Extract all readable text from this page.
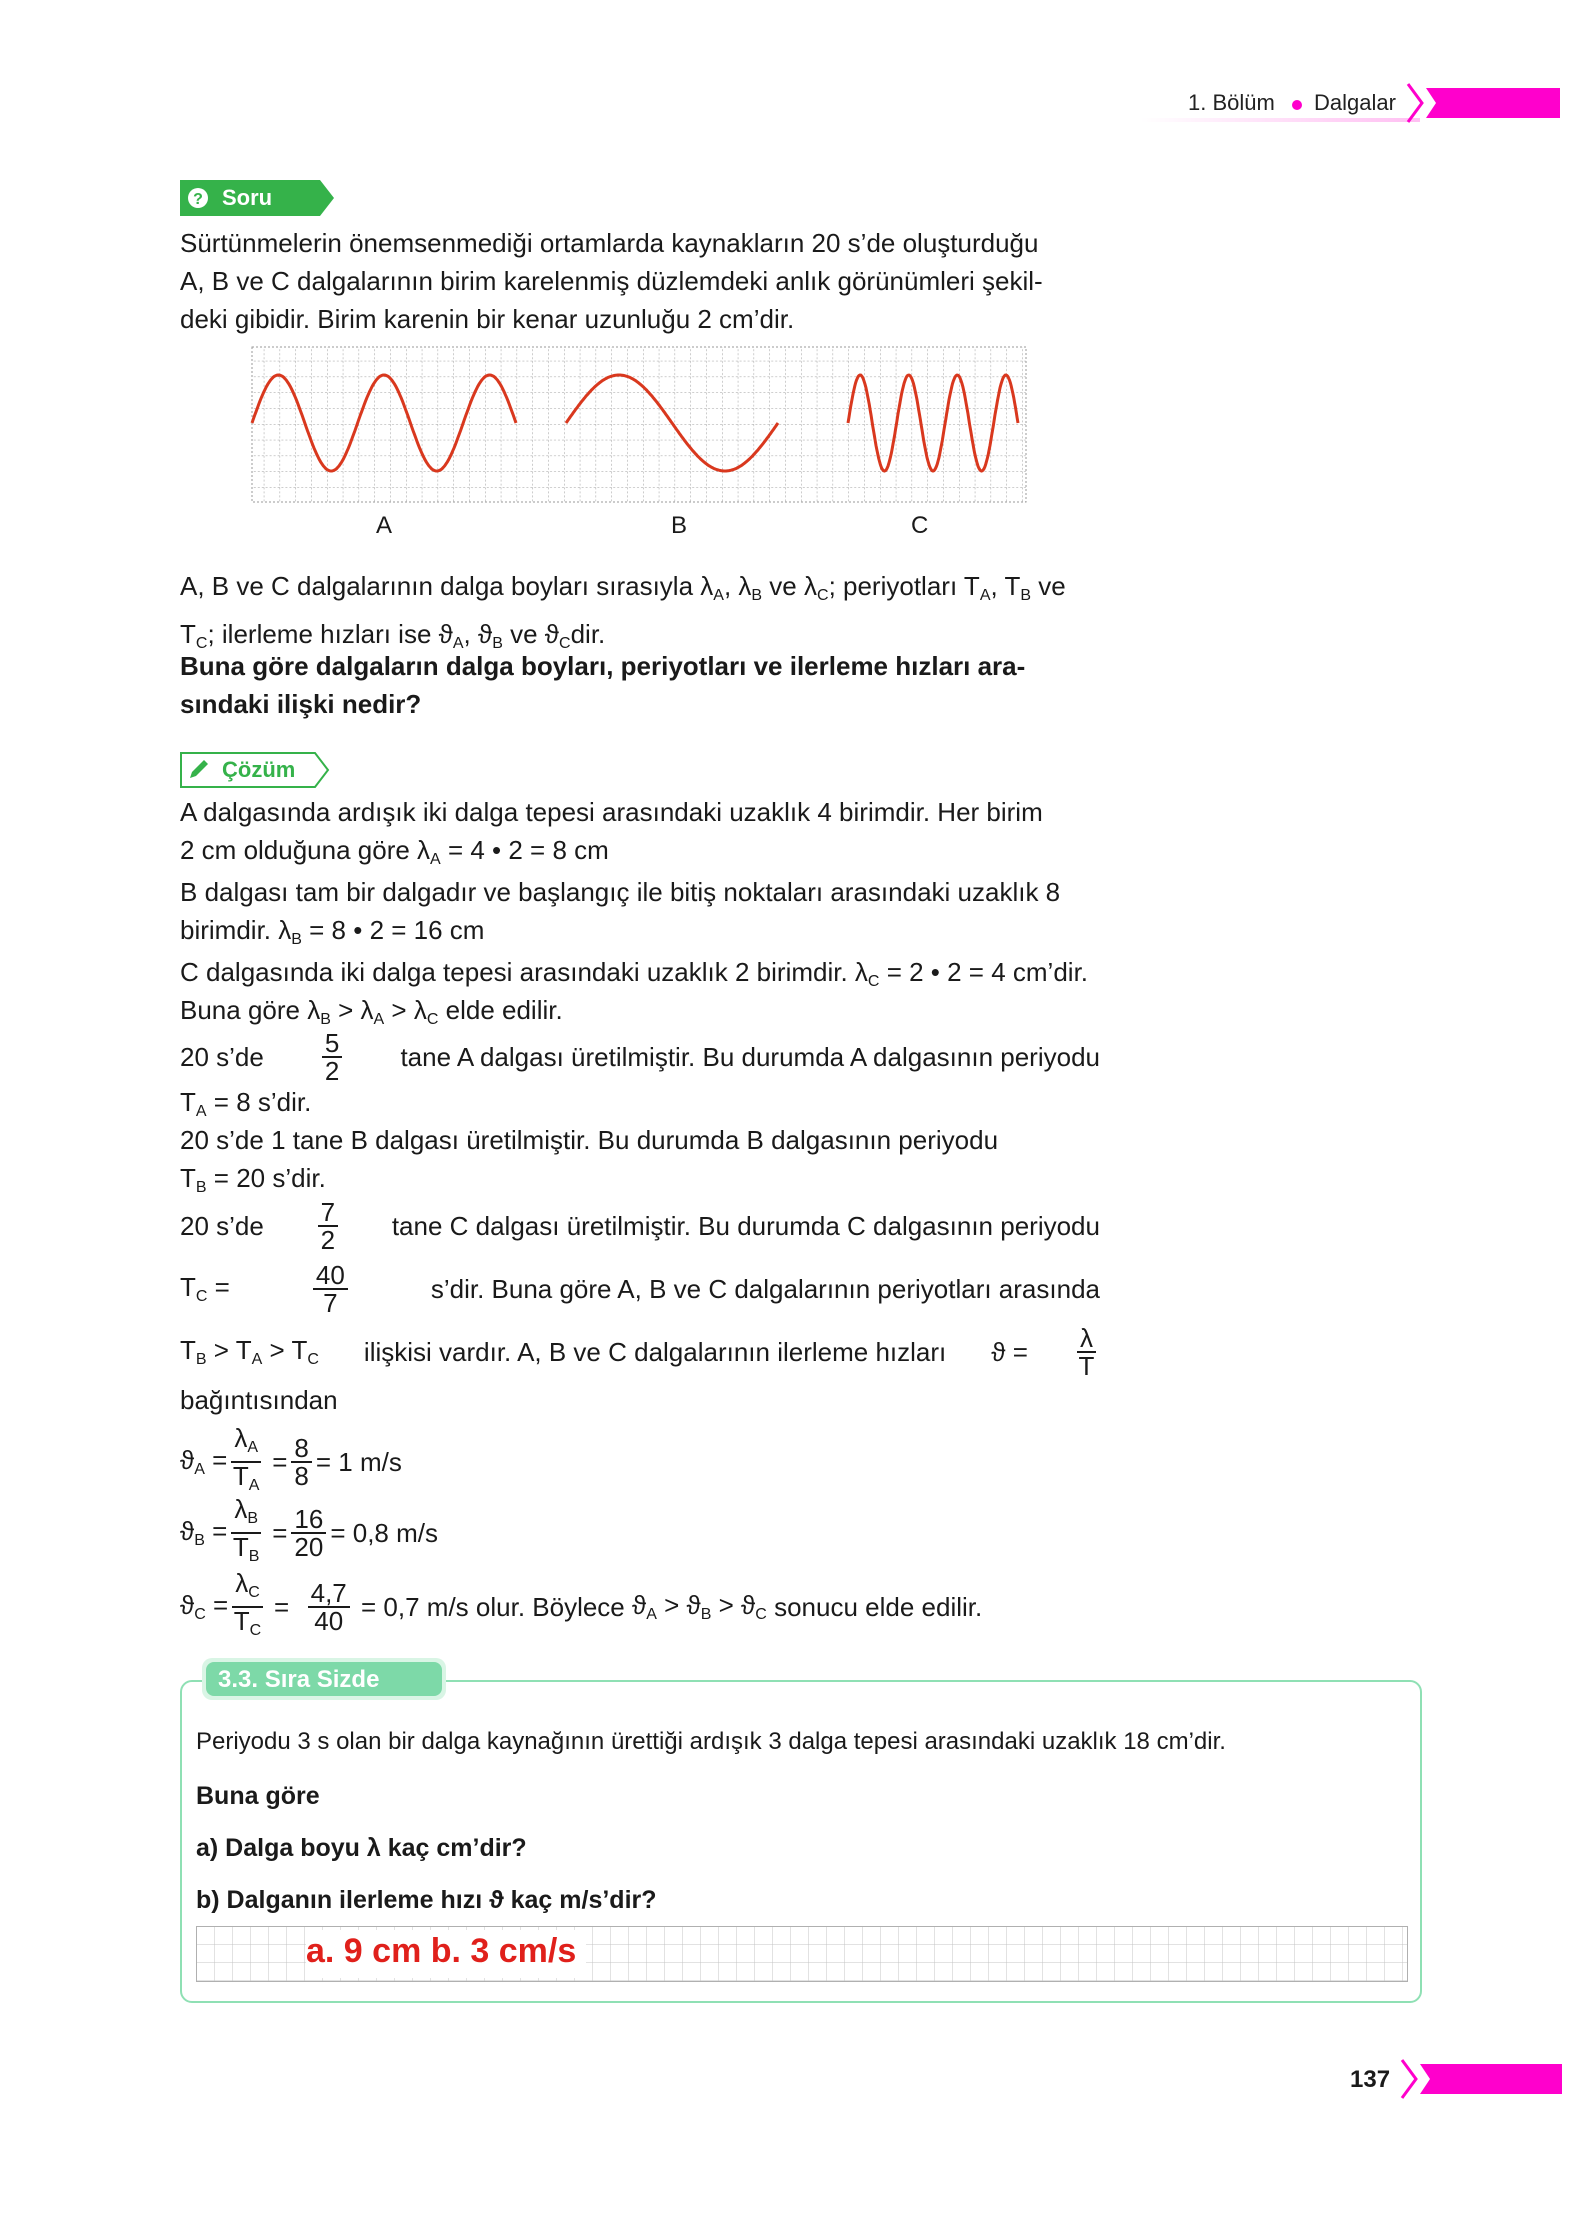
1. Bölüm Dalgalar
? Soru
Sürtünmelerin önemsenmediği ortamlarda kaynakların 20 s’de oluşturduğu
A, B ve C dalgalarının birim karelenmiş düzlemdeki anlık görünümleri şekil-
deki gibidir. Birim karenin bir kenar uzunluğu 2 cm’dir.
A	B	C
A, B ve C dalgalarının dalga boyları sırasıyla $\lambda_A$, $\lambda_B$ ve $\lambda_C$; periyotları $T_A$, $T_B$ ve
$T_C$; ilerleme hızları ise $ϑ_A$, $ϑ_B$ ve $ϑ_Cdir$.
Buna göre dalgaların dalga boyları, periyotları ve ilerleme hızları ara-
sındaki ilişki nedir?
Çözüm
A dalgasında ardışık iki dalga tepesi arasındaki uzaklık 4 birimdir. Her birim
2 cm olduğuna göre $\lambda_A = 4$ • 2 = 8 cm
B dalgası tam bir dalgadır ve başlangıç ile bitiş noktaları arasındaki uzaklık 8
birimdir. $\lambda_B = 8$ • 2 = 16 cm
C dalgasında iki dalga tepesi arasındaki uzaklık 2 birimdir. $\lambda_C = 2$ • 2 = 4 cm’dir.
Buna göre $\lambda_B > \lambda_A > \lambda_C$ elde edilir.
20 s’de $\frac{5}{2}$ tane A dalgası üretilmiştir. Bu durumda A dalgasının periyodu
$T_A = 8$ s’dir.
20 s’de 1 tane B dalgası üretilmiştir. Bu durumda B dalgasının periyodu
$T_B = 20$ s’dir.
20 s’de $\frac{7}{2}$ tane C dalgası üretilmiştir. Bu durumda C dalgasının periyodu
$T_C$ =	$\frac{40}{7}$	s’dir. Buna göre A, B ve C dalgalarının periyotları arasında
$T_B > T_A > T_C$ ilişkisi vardır. A, B ve C dalgalarının ilerleme hızları $ϑ = \frac{\lambda}{T}$
bağıntısından
$ϑ_A = \frac{\lambda_A}{T_A} = \frac{8}{8} = 1$ m/s
$ϑ_B = \frac{\lambda_B}{T_B} = \frac{16}{20} = 0,8$ m/s
$ϑ_C = \frac{\lambda_C}{T_C} = \frac{4,7}{40}$
= 0,7 m/s olur. Böylece $ϑ_A > ϑ_B > ϑ_C$ sonucu elde edilir.
3.3. Sıra Sizde
Periyodu 3 s olan bir dalga kaynağının ürettiği ardışık 3 dalga tepesi arasındaki uzaklık 18 cm’dir.
Buna göre
a) Dalga boyu λ kaç cm’dir?
b) Dalganın ilerleme hızı ϑ kaç m/s’dir?
a. 9 cm b. 3 cm/s
137
